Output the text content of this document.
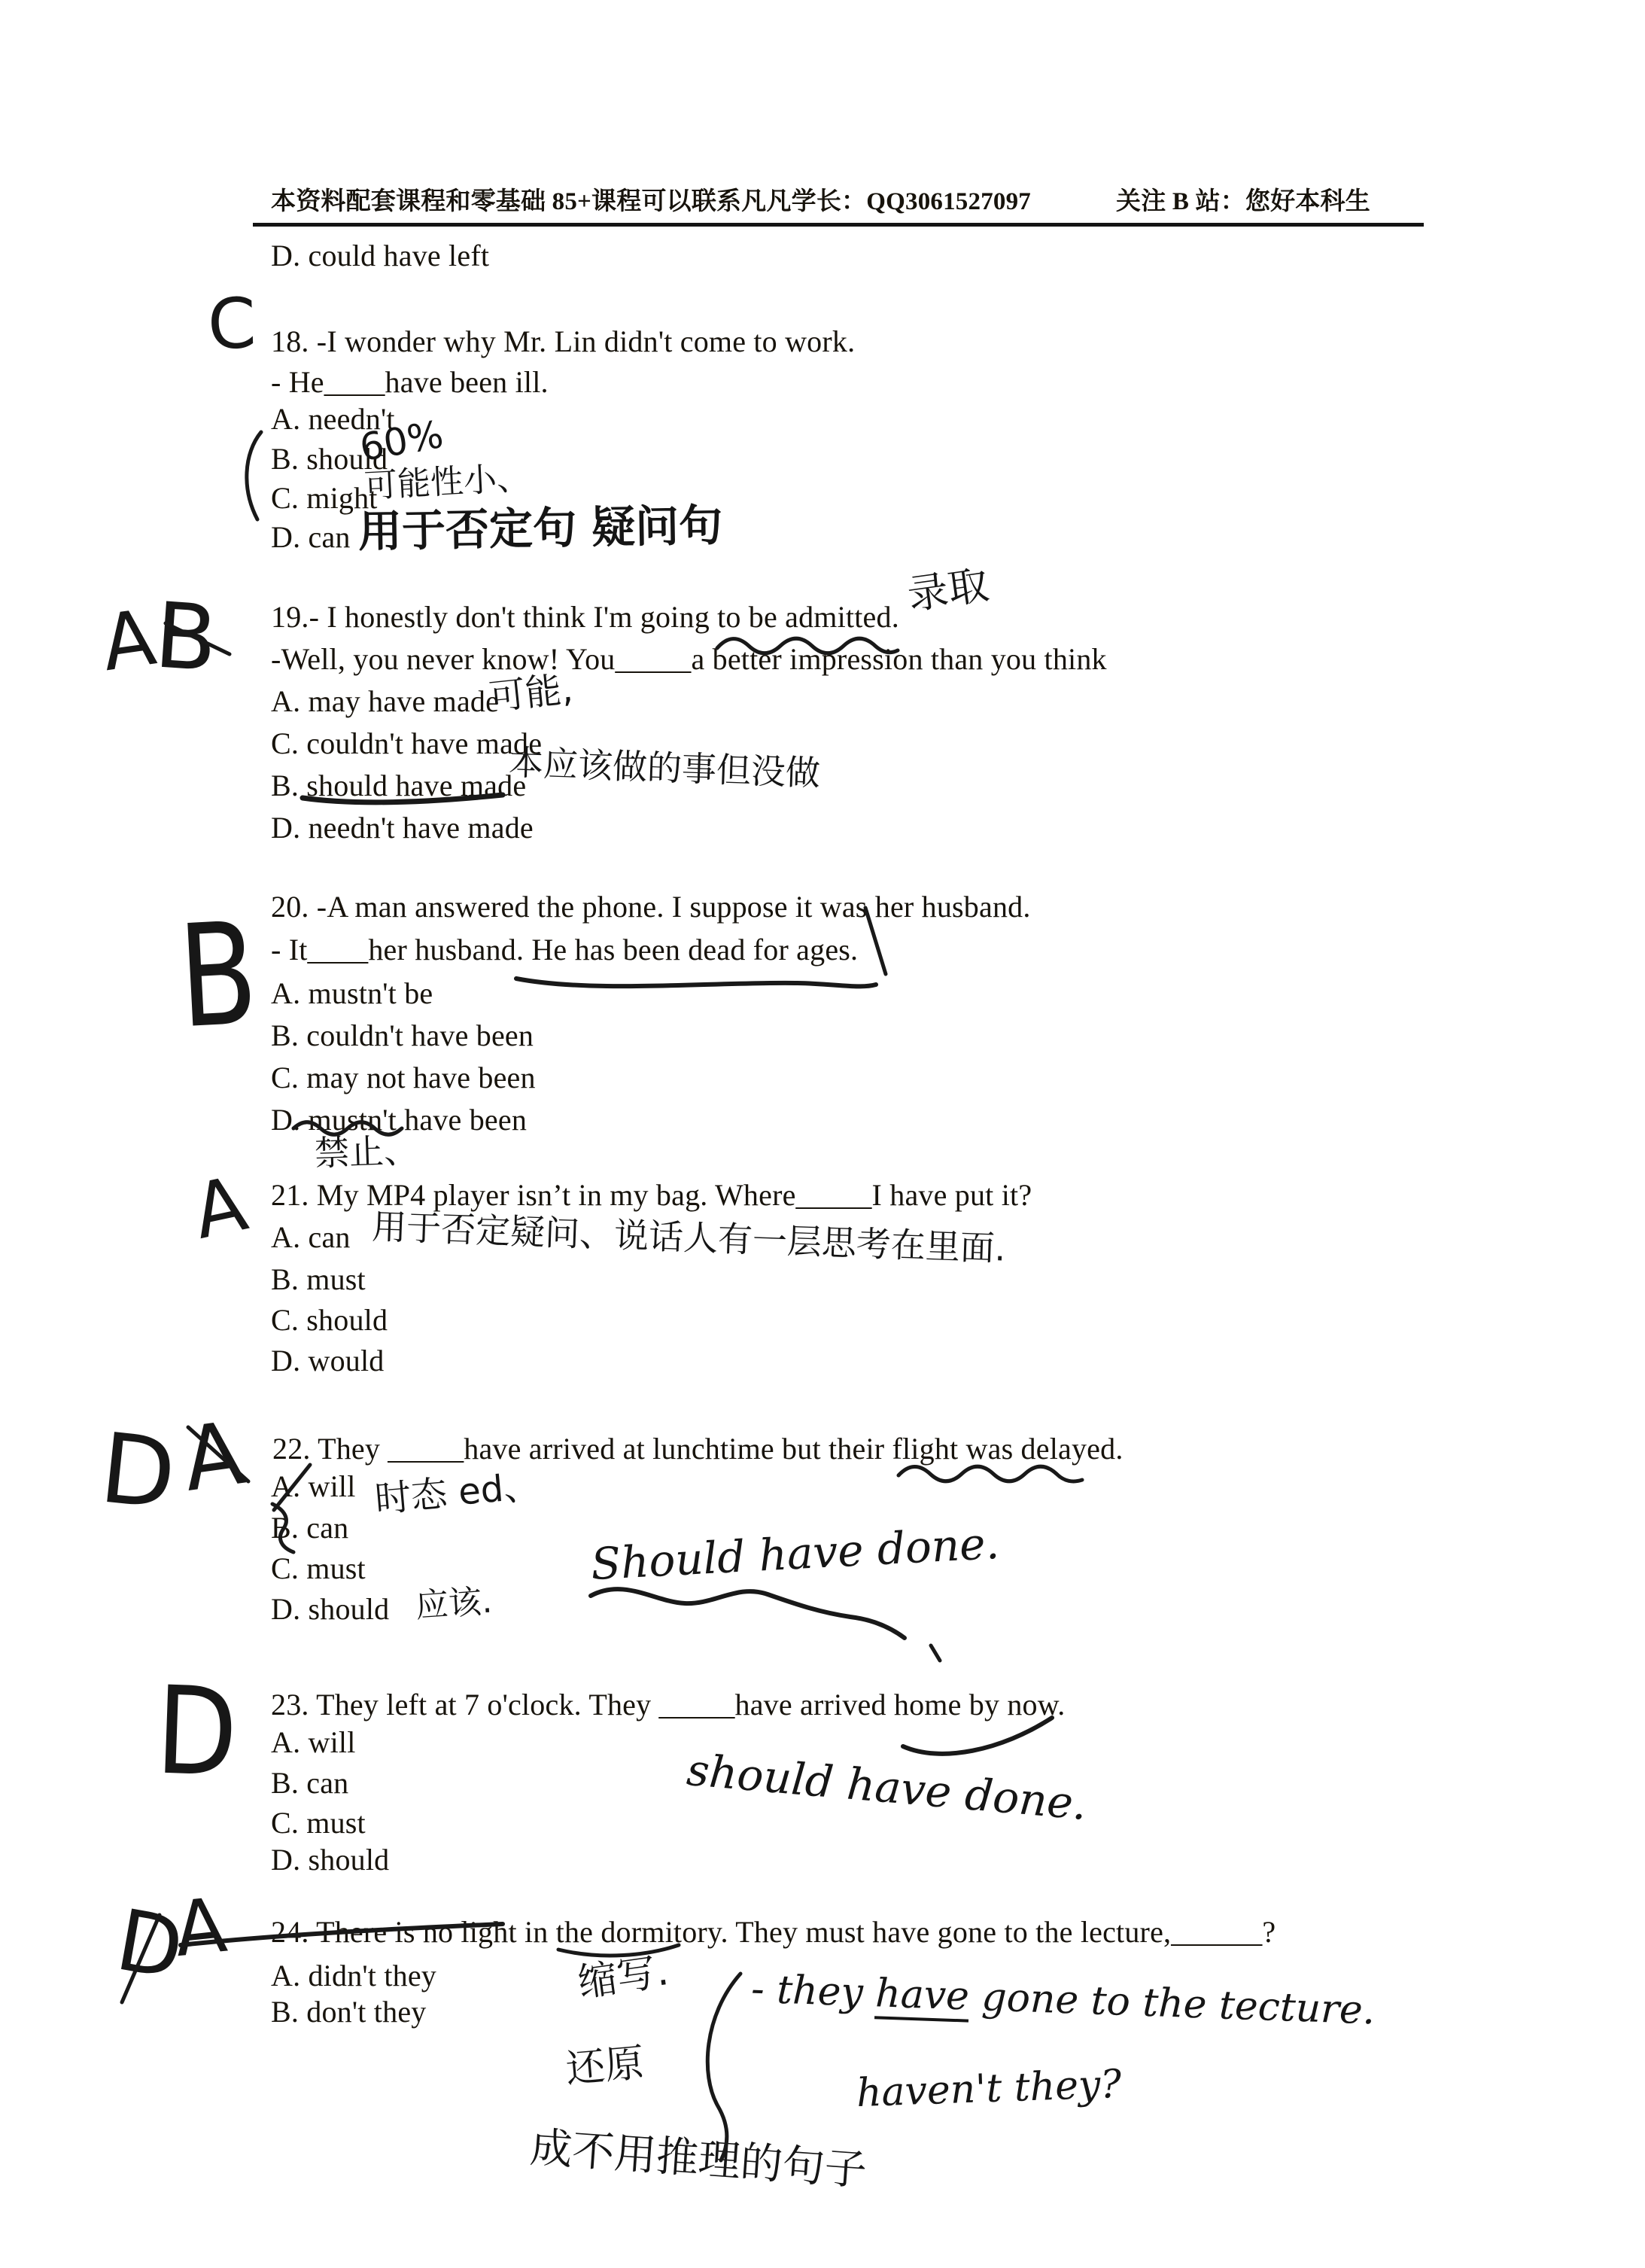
本资料配套课程和零基础 85+课程可以联系凡凡学长：QQ3061527097	关注 B 站：您好本科生
D. could have left
C 18. -I wonder why Mr. Lin didn't come to work.
- He____have been ill.
A. needn't
B. should
C. might
D. can
60%
可能性小、
用于否定句 疑问句
A
B 19.- I honestly don't think I'm going to be admitted.
-Well, you never know! You_____a better impression than you think
A. may have made
C. couldn't have made
B. should have made
D. needn't have made
录取
可能,
本应该做的事但没做
B 20. -A man answered the phone. I suppose it was her husband.
- It____her husband. He has been dead for ages.
A. mustn't be
B. couldn't have been
C. may not have been
D. mustn't have been
禁止、
A 21. My MP4 player isn’t in my bag. Where_____I have put it?
A. can
B. must
C. should
D. would
用于否定疑问、说话人有一层思考在里面.
D
A 22. They _____have arrived at lunchtime but their flight was delayed.
A. will
B. can
C. must
D. should
时态 ed、
Should have done.
应该.
D 23. They left at 7 o'clock. They _____have arrived home by now.
A. will
B. can
C. must
D. should
should have done.
D
A 24. There is no light in the dormitory. They must have gone to the lecture,______?
A. didn't they
B. don't they
缩写.
还原
- they have gone to the tecture.
haven't they?
成不用推理的句子
